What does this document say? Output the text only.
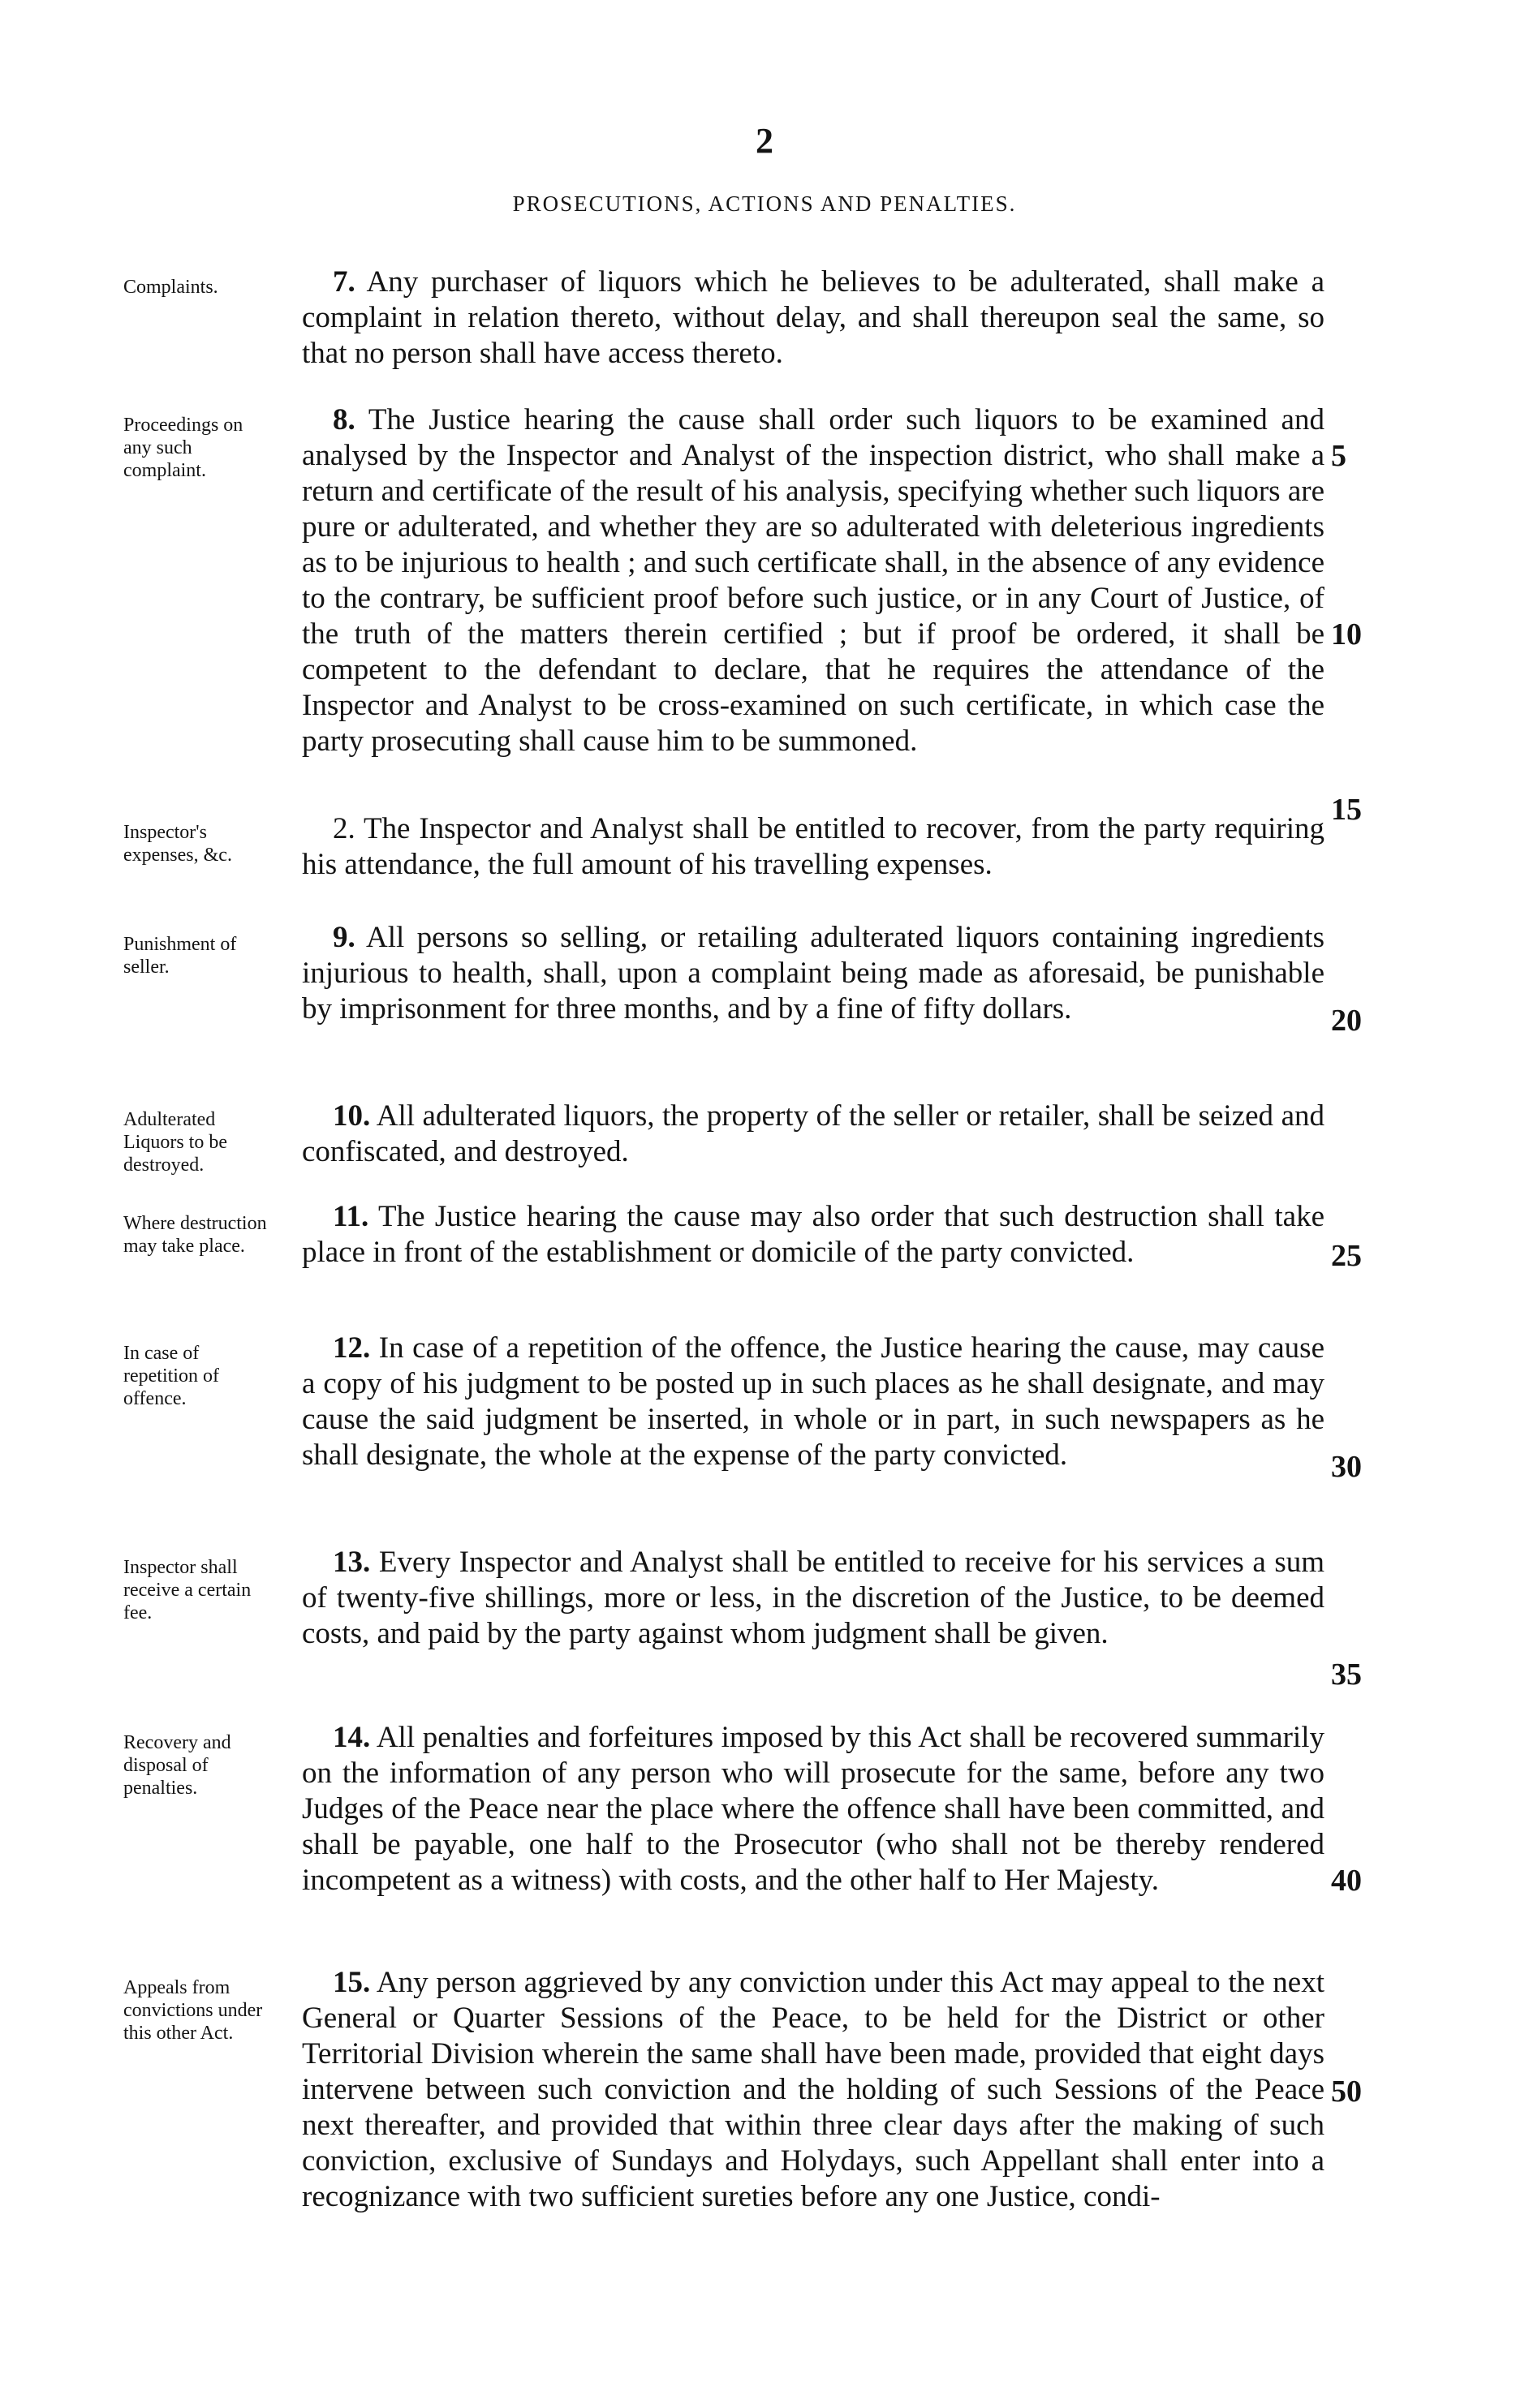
2
PROSECUTIONS, ACTIONS AND PENALTIES.
Complaints.	7. Any purchaser of liquors which he believes to be adulterated, shall make a complaint in relation thereto, without delay, and shall thereupon seal the same, so that no person shall have access thereto.
Proceedings on any such complaint.
8. The Justice hearing the cause shall order such liquors to be examined and analysed by the Inspector and Analyst of the inspection district, who shall make a return and certificate of the result of his analysis, specifying whether such liquors are pure or adulterated, and whether they are so adulterated with deleterious ingredients as to be injurious to health ; and such certificate shall, in the absence of any evidence to the contrary, be sufficient proof before such justice, or in any Court of Justice, of the truth of the matters therein certified ; but if proof be ordered, it shall be competent to the defendant to declare, that he requires the attendance of the Inspector and Analyst to be cross-examined on such certificate, in which case the party prosecuting shall cause him to be summoned.
Inspector's expenses, &c.
2. The Inspector and Analyst shall be entitled to recover, from the party requiring his attendance, the full amount of his travelling expenses.
Punishment of seller.
9. All persons so selling, or retailing adulterated liquors containing ingredients injurious to health, shall, upon a complaint being made as aforesaid, be punishable by imprisonment for three months, and by a fine of fifty dollars.
Adulterated Liquors to be destroyed.
10. All adulterated liquors, the property of the seller or retailer, shall be seized and confiscated, and destroyed.
Where destruction may take place.
11. The Justice hearing the cause may also order that such destruction shall take place in front of the establishment or domicile of the party convicted.
In case of repetition of offence.
12. In case of a repetition of the offence, the Justice hearing the cause, may cause a copy of his judgment to be posted up in such places as he shall designate, and may cause the said judgment be inserted, in whole or in part, in such newspapers as he shall designate, the whole at the expense of the party convicted.
Inspector shall receive a certain fee.
13. Every Inspector and Analyst shall be entitled to receive for his services a sum of twenty-five shillings, more or less, in the discretion of the Justice, to be deemed costs, and paid by the party against whom judgment shall be given.
Recovery and disposal of penalties.
14. All penalties and forfeitures imposed by this Act shall be recovered summarily on the information of any person who will prosecute for the same, before any two Judges of the Peace near the place where the offence shall have been committed, and shall be payable, one half to the Prosecutor (who shall not be thereby rendered incompetent as a witness) with costs, and the other half to Her Majesty.
Appeals from convictions under this other Act.
15. Any person aggrieved by any conviction under this Act may appeal to the next General or Quarter Sessions of the Peace, to be held for the District or other Territorial Division wherein the same shall have been made, provided that eight days intervene between such conviction and the holding of such Sessions of the Peace next thereafter, and provided that within three clear days after the making of such conviction, exclusive of Sundays and Holydays, such Appellant shall enter into a recognizance with two sufficient sureties before any one Justice, condi-
5
10
15
20
25
30
35
40
50
